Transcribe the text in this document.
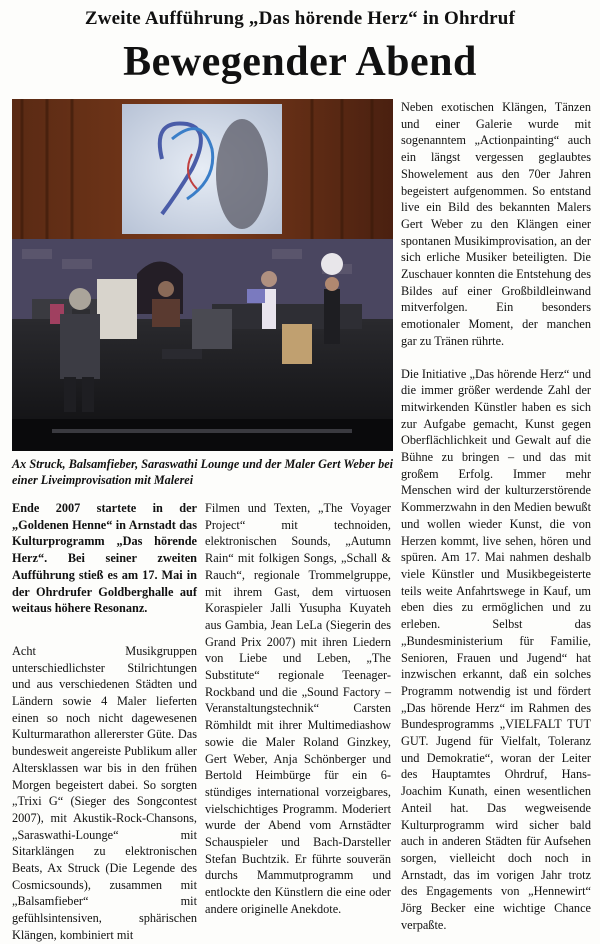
Zweite Aufführung „Das hörende Herz“ in Ohrdruf
Bewegender Abend
Ax Struck, Balsamfieber, Saraswathi Lounge und der Maler Gert Weber bei einer Liveimprovisation mit Malerei

Ende 2007 startete in der „Goldenen Henne“ in Arnstadt das Kulturprogramm „Das hörende Herz“. Bei seiner zweiten Aufführung stieß es am 17. Mai in der Ohrdrufer Goldberghalle auf weitaus höhere Resonanz.

Acht Musikgruppen unterschiedlichster Stilrichtungen und aus verschiedenen Städten und Ländern sowie 4 Maler lieferten einen so noch nicht dagewesenen Kulturmarathon allererster Güte. Das bundesweit angereiste Publikum aller Altersklassen war bis in den frühen Morgen begeistert dabei. So sorgten „Trixi G“ (Sieger des Songcontest 2007), mit Akustik-Rock-Chansons, „Saraswathi-Lounge“ mit Sitarklängen zu elektronischen Beats, Ax Struck (Die Legende des Cosmicsounds), zusammen mit „Balsamfieber“ mit gefühlsintensiven, sphärischen Klängen, kombiniert mit

Filmen und Texten, „The Voyager Project“ mit technoiden, elektronischen Sounds, „Autumn Rain“ mit folkigen Songs, „Schall & Rauch“, regionale Trommelgruppe, mit ihrem Gast, dem virtuosen Koraspieler Jalli Yusupha Kuyateh aus Gambia, Jean LeLa (Siegerin des Grand Prix 2007) mit ihren Liedern von Liebe und Leben, „The Substitute“ regionale Teenager-Rockband und die „Sound Factory – Veranstaltungstechnik“ Carsten Römhildt mit ihrer Multimediashow sowie die Maler Roland Ginzkey, Gert Weber, Anja Schönberger und Bertold Heimbürge für ein 6-stündiges international vorzeigbares, vielschichtiges Programm. Moderiert wurde der Abend vom Arnstädter Schauspieler und Bach-Darsteller Stefan Buchtzik. Er führte souverän durchs Mammutprogramm und entlockte den Künstlern die eine oder andere originelle Anekdote.

Neben exotischen Klängen, Tänzen und einer Galerie wurde mit sogenanntem „Actionpainting“ auch ein längst vergessen geglaubtes Showelement aus den 70er Jahren begeistert aufgenommen. So entstand live ein Bild des bekannten Malers Gert Weber zu den Klängen einer spontanen Musikimprovisation, an der sich erliche Musiker beteiligten. Die Zuschauer konnten die Entstehung des Bildes auf einer Großbildleinwand mitverfolgen. Ein besonders emotionaler Moment, der manchen gar zu Tränen rührte.

Die Initiative „Das hörende Herz“ und die immer größer werdende Zahl der mitwirkenden Künstler haben es sich zur Aufgabe gemacht, Kunst gegen Oberflächlichkeit und Gewalt auf die Bühne zu bringen – und das mit großem Erfolg. Immer mehr Menschen wird der kulturzerstörende Kommerzwahn in den Medien bewußt und wollen wieder Kunst, die von Herzen kommt, live sehen, hören und spüren. Am 17. Mai nahmen deshalb viele Künstler und Musikbegeisterte teils weite Anfahrtswege in Kauf, um eben dies zu ermöglichen und zu erleben. Selbst das „Bundesministerium für Familie, Senioren, Frauen und Jugend“ hat inzwischen erkannt, daß ein solches Programm notwendig ist und fördert „Das hörende Herz“ im Rahmen des Bundesprogramms „VIELFALT TUT GUT. Jugend für Vielfalt, Toleranz und Demokratie“, woran der Leiter des Hauptamtes Ohrdruf, Hans-Joachim Kunath, einen wesentlichen Anteil hat. Das wegweisende Kulturprogramm wird sicher bald auch in anderen Städten für Aufsehen sorgen, vielleicht doch noch in Arnstadt, das im vorigen Jahr trotz des Engagements von „Hennewirt“ Jörg Becker eine wichtige Chance verpaßte.
